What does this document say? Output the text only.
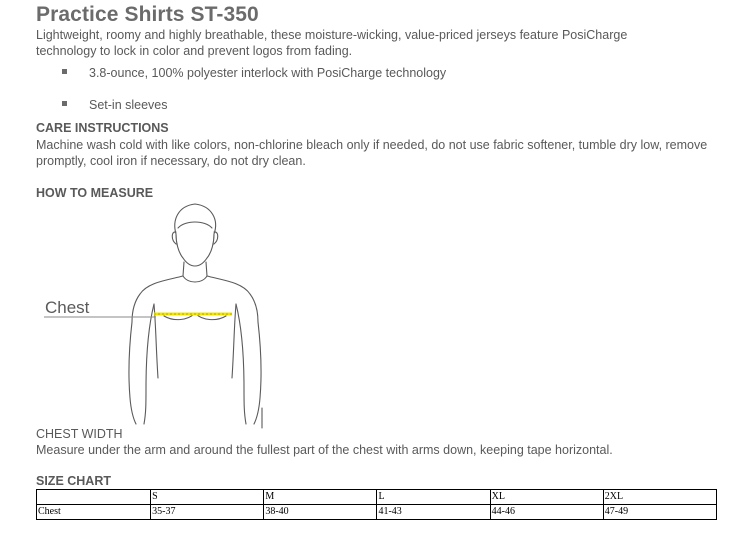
Practice Shirts ST-350
Lightweight, roomy and highly breathable, these moisture-wicking, value-priced jerseys feature PosiCharge technology to lock in color and prevent logos from fading.
3.8-ounce, 100% polyester interlock with PosiCharge technology
Set-in sleeves
CARE INSTRUCTIONS
Machine wash cold with like colors, non-chlorine bleach only if needed, do not use fabric softener, tumble dry low, remove promptly, cool iron if necessary, do not dry clean.
HOW TO MEASURE
Chest
CHEST WIDTH
Measure under the arm and around the fullest part of the chest with arms down, keeping tape horizontal.
SIZE CHART
	S	M	L	XL	2XL
Chest	35-37	38-40	41-43	44-46	47-49
